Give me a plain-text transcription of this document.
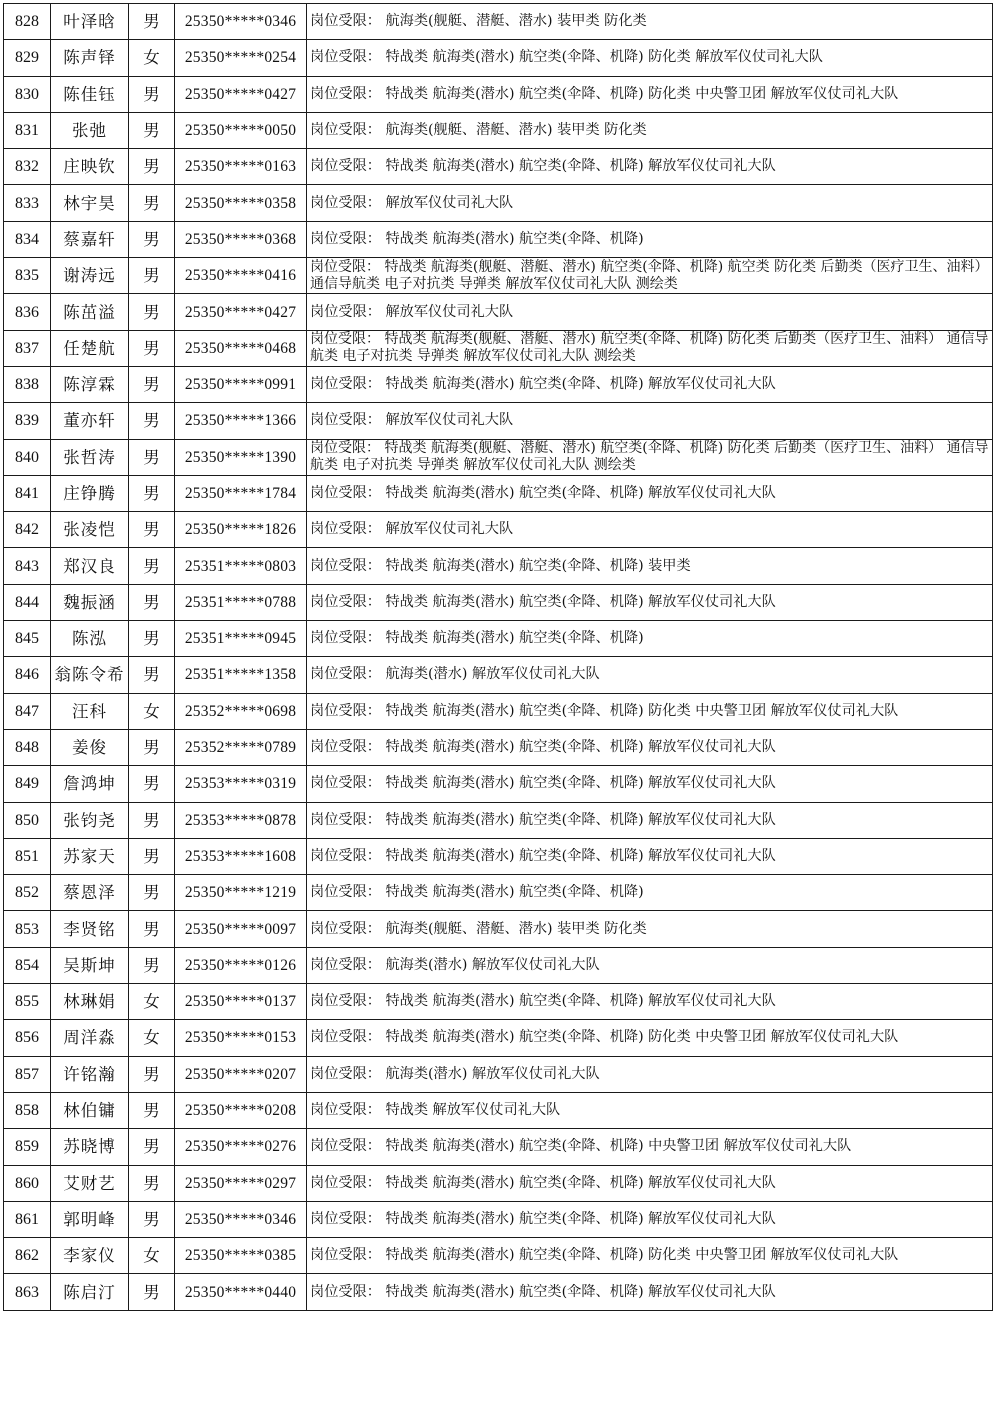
828	叶泽晗	男	25350*****0346	岗位受限： 航海类(舰艇、潜艇、潜水) 装甲类 防化类
829	陈声铎	女	25350*****0254	岗位受限： 特战类 航海类(潜水) 航空类(伞降、机降) 防化类 解放军仪仗司礼大队
830	陈佳钰	男	25350*****0427	岗位受限： 特战类 航海类(潜水) 航空类(伞降、机降) 防化类 中央警卫团 解放军仪仗司礼大队
831	张弛	男	25350*****0050	岗位受限： 航海类(舰艇、潜艇、潜水) 装甲类 防化类
832	庄映钦	男	25350*****0163	岗位受限： 特战类 航海类(潜水) 航空类(伞降、机降) 解放军仪仗司礼大队
833	林宇昊	男	25350*****0358	岗位受限： 解放军仪仗司礼大队
834	蔡嘉轩	男	25350*****0368	岗位受限： 特战类 航海类(潜水) 航空类(伞降、机降)
835	谢涛远	男	25350*****0416	岗位受限： 特战类 航海类(舰艇、潜艇、潜水) 航空类(伞降、机降) 航空类 防化类 后勤类（医疗卫生、油料） 通信导航类 电子对抗类 导弹类 解放军仪仗司礼大队 测绘类
836	陈茁溢	男	25350*****0427	岗位受限： 解放军仪仗司礼大队
837	任楚航	男	25350*****0468	岗位受限： 特战类 航海类(舰艇、潜艇、潜水) 航空类(伞降、机降) 防化类 后勤类（医疗卫生、油料） 通信导航类 电子对抗类 导弹类 解放军仪仗司礼大队 测绘类
838	陈淳霖	男	25350*****0991	岗位受限： 特战类 航海类(潜水) 航空类(伞降、机降) 解放军仪仗司礼大队
839	董亦轩	男	25350*****1366	岗位受限： 解放军仪仗司礼大队
840	张哲涛	男	25350*****1390	岗位受限： 特战类 航海类(舰艇、潜艇、潜水) 航空类(伞降、机降) 防化类 后勤类（医疗卫生、油料） 通信导航类 电子对抗类 导弹类 解放军仪仗司礼大队 测绘类
841	庄铮腾	男	25350*****1784	岗位受限： 特战类 航海类(潜水) 航空类(伞降、机降) 解放军仪仗司礼大队
842	张凌恺	男	25350*****1826	岗位受限： 解放军仪仗司礼大队
843	郑汉良	男	25351*****0803	岗位受限： 特战类 航海类(潜水) 航空类(伞降、机降) 装甲类
844	魏振涵	男	25351*****0788	岗位受限： 特战类 航海类(潜水) 航空类(伞降、机降) 解放军仪仗司礼大队
845	陈泓	男	25351*****0945	岗位受限： 特战类 航海类(潜水) 航空类(伞降、机降)
846	翁陈令希	男	25351*****1358	岗位受限： 航海类(潜水) 解放军仪仗司礼大队
847	汪科	女	25352*****0698	岗位受限： 特战类 航海类(潜水) 航空类(伞降、机降) 防化类 中央警卫团 解放军仪仗司礼大队
848	姜俊	男	25352*****0789	岗位受限： 特战类 航海类(潜水) 航空类(伞降、机降) 解放军仪仗司礼大队
849	詹鸿坤	男	25353*****0319	岗位受限： 特战类 航海类(潜水) 航空类(伞降、机降) 解放军仪仗司礼大队
850	张钧尧	男	25353*****0878	岗位受限： 特战类 航海类(潜水) 航空类(伞降、机降) 解放军仪仗司礼大队
851	苏家天	男	25353*****1608	岗位受限： 特战类 航海类(潜水) 航空类(伞降、机降) 解放军仪仗司礼大队
852	蔡恩泽	男	25350*****1219	岗位受限： 特战类 航海类(潜水) 航空类(伞降、机降)
853	李贤铭	男	25350*****0097	岗位受限： 航海类(舰艇、潜艇、潜水) 装甲类 防化类
854	吴斯坤	男	25350*****0126	岗位受限： 航海类(潜水) 解放军仪仗司礼大队
855	林琳娟	女	25350*****0137	岗位受限： 特战类 航海类(潜水) 航空类(伞降、机降) 解放军仪仗司礼大队
856	周洋淼	女	25350*****0153	岗位受限： 特战类 航海类(潜水) 航空类(伞降、机降) 防化类 中央警卫团 解放军仪仗司礼大队
857	许铭瀚	男	25350*****0207	岗位受限： 航海类(潜水) 解放军仪仗司礼大队
858	林伯镛	男	25350*****0208	岗位受限： 特战类 解放军仪仗司礼大队
859	苏晓博	男	25350*****0276	岗位受限： 特战类 航海类(潜水) 航空类(伞降、机降) 中央警卫团 解放军仪仗司礼大队
860	艾财艺	男	25350*****0297	岗位受限： 特战类 航海类(潜水) 航空类(伞降、机降) 解放军仪仗司礼大队
861	郭明峰	男	25350*****0346	岗位受限： 特战类 航海类(潜水) 航空类(伞降、机降) 解放军仪仗司礼大队
862	李家仪	女	25350*****0385	岗位受限： 特战类 航海类(潜水) 航空类(伞降、机降) 防化类 中央警卫团 解放军仪仗司礼大队
863	陈启汀	男	25350*****0440	岗位受限： 特战类 航海类(潜水) 航空类(伞降、机降) 解放军仪仗司礼大队
